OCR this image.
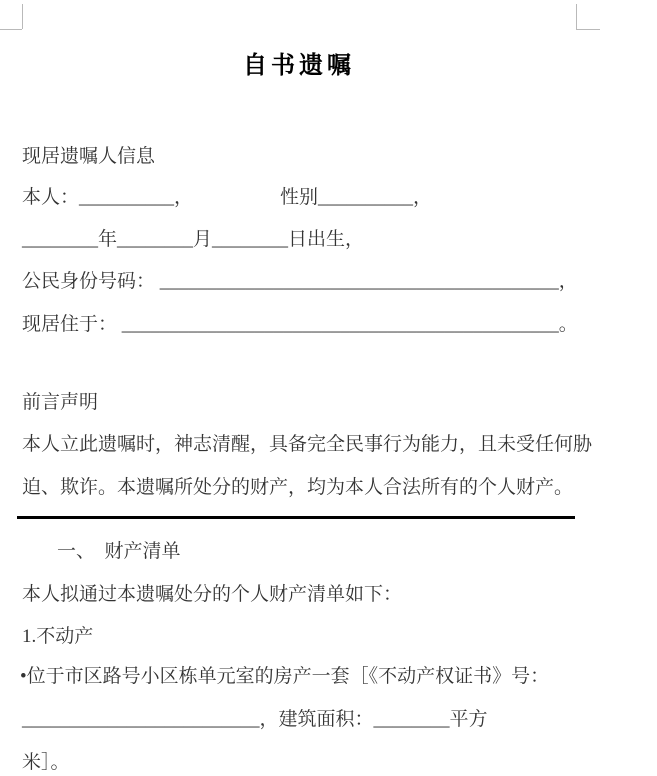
自书遗嘱
现居遗嘱人信息
本人：__________，	性别__________，
________年________月________日出生，
公民身份号码： __________________________________________，
现居住于： ______________________________________________。
前言声明
本人立此遗嘱时，神志清醒，具备完全民事行为能力，且未受任何胁
迫、欺诈。本遗嘱所处分的财产，均为本人合法所有的个人财产。
一、　财产清单
本人拟通过本遗嘱处分的个人财产清单如下：
1.不动产
•位于市区路号小区栋单元室的房产一套［《不动产权证书》号：
_________________________，建筑面积：________平方
米］。
